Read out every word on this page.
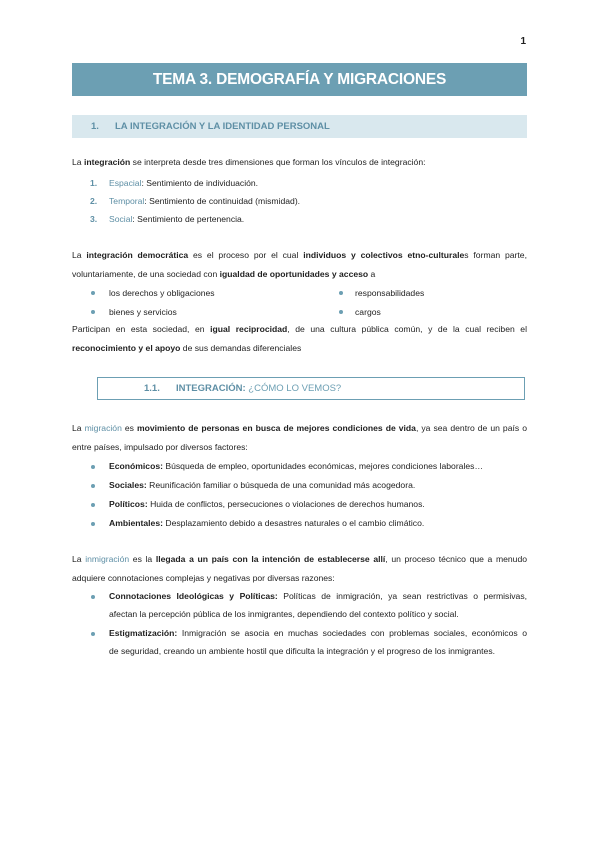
1
TEMA 3. DEMOGRAFÍA Y MIGRACIONES
1.	LA INTEGRACIÓN Y LA IDENTIDAD PERSONAL
La integración se interpreta desde tres dimensiones que forman los vínculos de integración:
1. Espacial: Sentimiento de individuación.
2. Temporal: Sentimiento de continuidad (mismidad).
3. Social: Sentimiento de pertenencia.
La integración democrática es el proceso por el cual individuos y colectivos etno-culturales forman parte,
voluntariamente, de una sociedad con igualdad de oportunidades y acceso a
los derechos y obligaciones	responsabilidades
bienes y servicios	cargos
Participan en esta sociedad, en igual reciprocidad, de una cultura pública común, y de la cual reciben el
reconocimiento y el apoyo de sus demandas diferenciales
1.1.	INTEGRACIÓN: ¿CÓMO LO VEMOS?
La migración es movimiento de personas en busca de mejores condiciones de vida, ya sea dentro de un país o
entre países, impulsado por diversos factores:
Económicos: Búsqueda de empleo, oportunidades económicas, mejores condiciones laborales…
Sociales: Reunificación familiar o búsqueda de una comunidad más acogedora.
Políticos: Huida de conflictos, persecuciones o violaciones de derechos humanos.
Ambientales: Desplazamiento debido a desastres naturales o el cambio climático.
La inmigración es la llegada a un país con la intención de establecerse allí, un proceso técnico que a menudo
adquiere connotaciones complejas y negativas por diversas razones:
Connotaciones Ideológicas y Políticas: Políticas de inmigración, ya sean restrictivas o permisivas,
afectan la percepción pública de los inmigrantes, dependiendo del contexto político y social.
Estigmatización: Inmigración se asocia en muchas sociedades con problemas sociales, económicos o
de seguridad, creando un ambiente hostil que dificulta la integración y el progreso de los inmigrantes.
